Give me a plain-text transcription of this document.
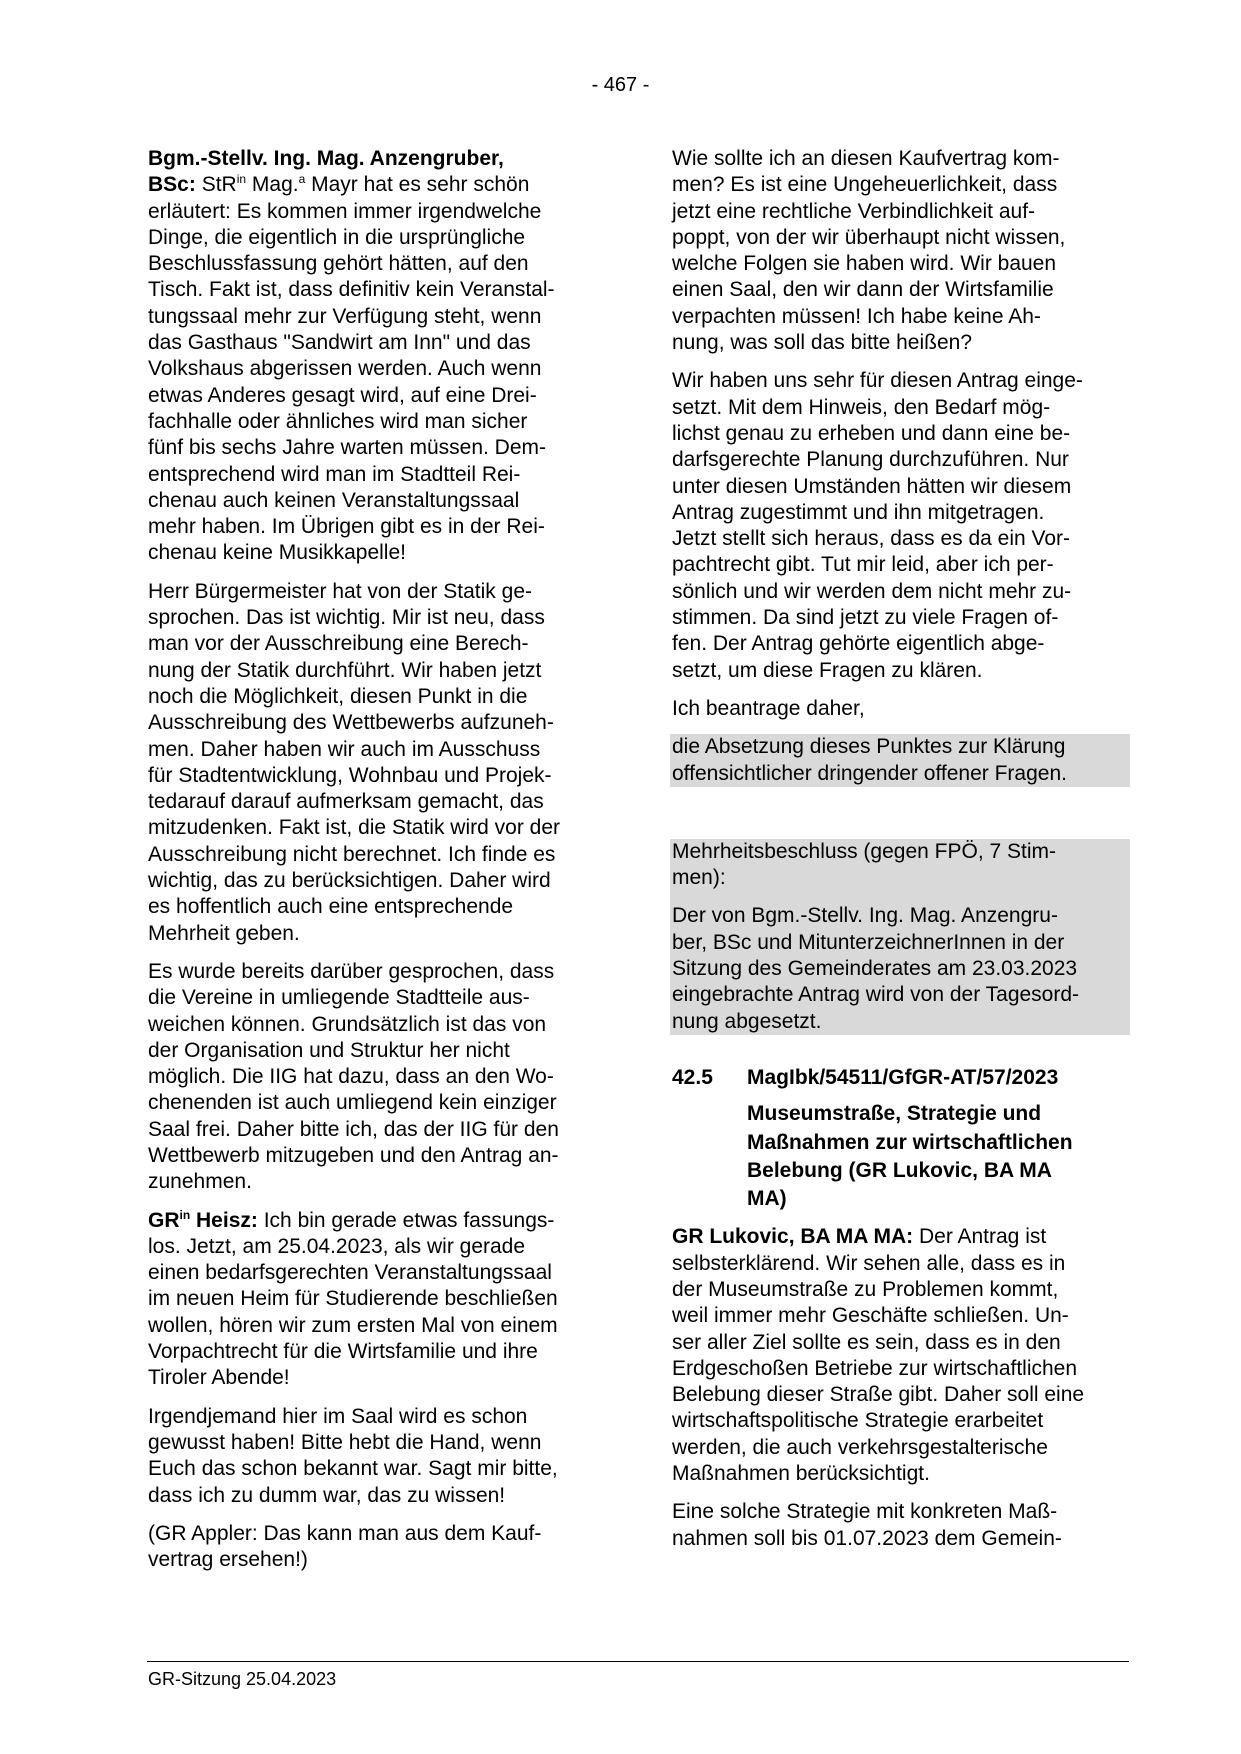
- 467 -
Bgm.-Stellv. Ing. Mag. Anzengruber,
BSc: StR$^{in}$ Mag.$^a$ Mayr hat es sehr schön
erläutert: Es kommen immer irgendwelche
Dinge, die eigentlich in die ursprüngliche
Beschlussfassung gehört hätten, auf den
Tisch. Fakt ist, dass definitiv kein Veranstal-
tungssaal mehr zur Verfügung steht, wenn
das Gasthaus "Sandwirt am Inn" und das
Volkshaus abgerissen werden. Auch wenn
etwas Anderes gesagt wird, auf eine Drei-
fachhalle oder ähnliches wird man sicher
fünf bis sechs Jahre warten müssen. Dem-
entsprechend wird man im Stadtteil Rei-
chenau auch keinen Veranstaltungssaal
mehr haben. Im Übrigen gibt es in der Rei-
chenau keine Musikkapelle!
Herr Bürgermeister hat von der Statik ge-
sprochen. Das ist wichtig. Mir ist neu, dass
man vor der Ausschreibung eine Berech-
nung der Statik durchführt. Wir haben jetzt
noch die Möglichkeit, diesen Punkt in die
Ausschreibung des Wettbewerbs aufzuneh-
men. Daher haben wir auch im Ausschuss
für Stadtentwicklung, Wohnbau und Projek-
tedarauf darauf aufmerksam gemacht, das
mitzudenken. Fakt ist, die Statik wird vor der
Ausschreibung nicht berechnet. Ich finde es
wichtig, das zu berücksichtigen. Daher wird
es hoffentlich auch eine entsprechende
Mehrheit geben.
Es wurde bereits darüber gesprochen, dass
die Vereine in umliegende Stadtteile aus-
weichen können. Grundsätzlich ist das von
der Organisation und Struktur her nicht
möglich. Die IIG hat dazu, dass an den Wo-
chenenden ist auch umliegend kein einziger
Saal frei. Daher bitte ich, das der IIG für den
Wettbewerb mitzugeben und den Antrag an-
zunehmen.
$GR^{in}$ Heisz: Ich bin gerade etwas fassungs-
los. Jetzt, am 25.04.2023, als wir gerade
einen bedarfsgerechten Veranstaltungssaal
im neuen Heim für Studierende beschließen
wollen, hören wir zum ersten Mal von einem
Vorpachtrecht für die Wirtsfamilie und ihre
Tiroler Abende!
Irgendjemand hier im Saal wird es schon
gewusst haben! Bitte hebt die Hand, wenn
Euch das schon bekannt war. Sagt mir bitte,
dass ich zu dumm war, das zu wissen!
(GR Appler: Das kann man aus dem Kauf-
vertrag ersehen!)
Wie sollte ich an diesen Kaufvertrag kom-
men? Es ist eine Ungeheuerlichkeit, dass
jetzt eine rechtliche Verbindlichkeit auf-
poppt, von der wir überhaupt nicht wissen,
welche Folgen sie haben wird. Wir bauen
einen Saal, den wir dann der Wirtsfamilie
verpachten müssen! Ich habe keine Ah-
nung, was soll das bitte heißen?
Wir haben uns sehr für diesen Antrag einge-
setzt. Mit dem Hinweis, den Bedarf mög-
lichst genau zu erheben und dann eine be-
darfsgerechte Planung durchzuführen. Nur
unter diesen Umständen hätten wir diesem
Antrag zugestimmt und ihn mitgetragen.
Jetzt stellt sich heraus, dass es da ein Vor-
pachtrecht gibt. Tut mir leid, aber ich per-
sönlich und wir werden dem nicht mehr zu-
stimmen. Da sind jetzt zu viele Fragen of-
fen. Der Antrag gehörte eigentlich abge-
setzt, um diese Fragen zu klären.
Ich beantrage daher,
die Absetzung dieses Punktes zur Klärung
offensichtlicher dringender offener Fragen.
Mehrheitsbeschluss (gegen FPÖ, 7 Stim-
men):
Der von Bgm.-Stellv. Ing. Mag. Anzengru-
ber, BSc und MitunterzeichnerInnen in der
Sitzung des Gemeinderates am 23.03.2023
eingebrachte Antrag wird von der Tagesord-
nung abgesetzt.
42.5 MagIbk/54511/GfGR-AT/57/2023
Museumstraße, Strategie und
Maßnahmen zur wirtschaftlichen
Belebung (GR Lukovic, BA MA
MA)
GR Lukovic, BA MA MA: Der Antrag ist
selbsterklärend. Wir sehen alle, dass es in
der Museumstraße zu Problemen kommt,
weil immer mehr Geschäfte schließen. Un-
ser aller Ziel sollte es sein, dass es in den
Erdgeschoßen Betriebe zur wirtschaftlichen
Belebung dieser Straße gibt. Daher soll eine
wirtschaftspolitische Strategie erarbeitet
werden, die auch verkehrsgestalterische
Maßnahmen berücksichtigt.
Eine solche Strategie mit konkreten Maß-
nahmen soll bis 01.07.2023 dem Gemein-
GR-Sitzung 25.04.2023
